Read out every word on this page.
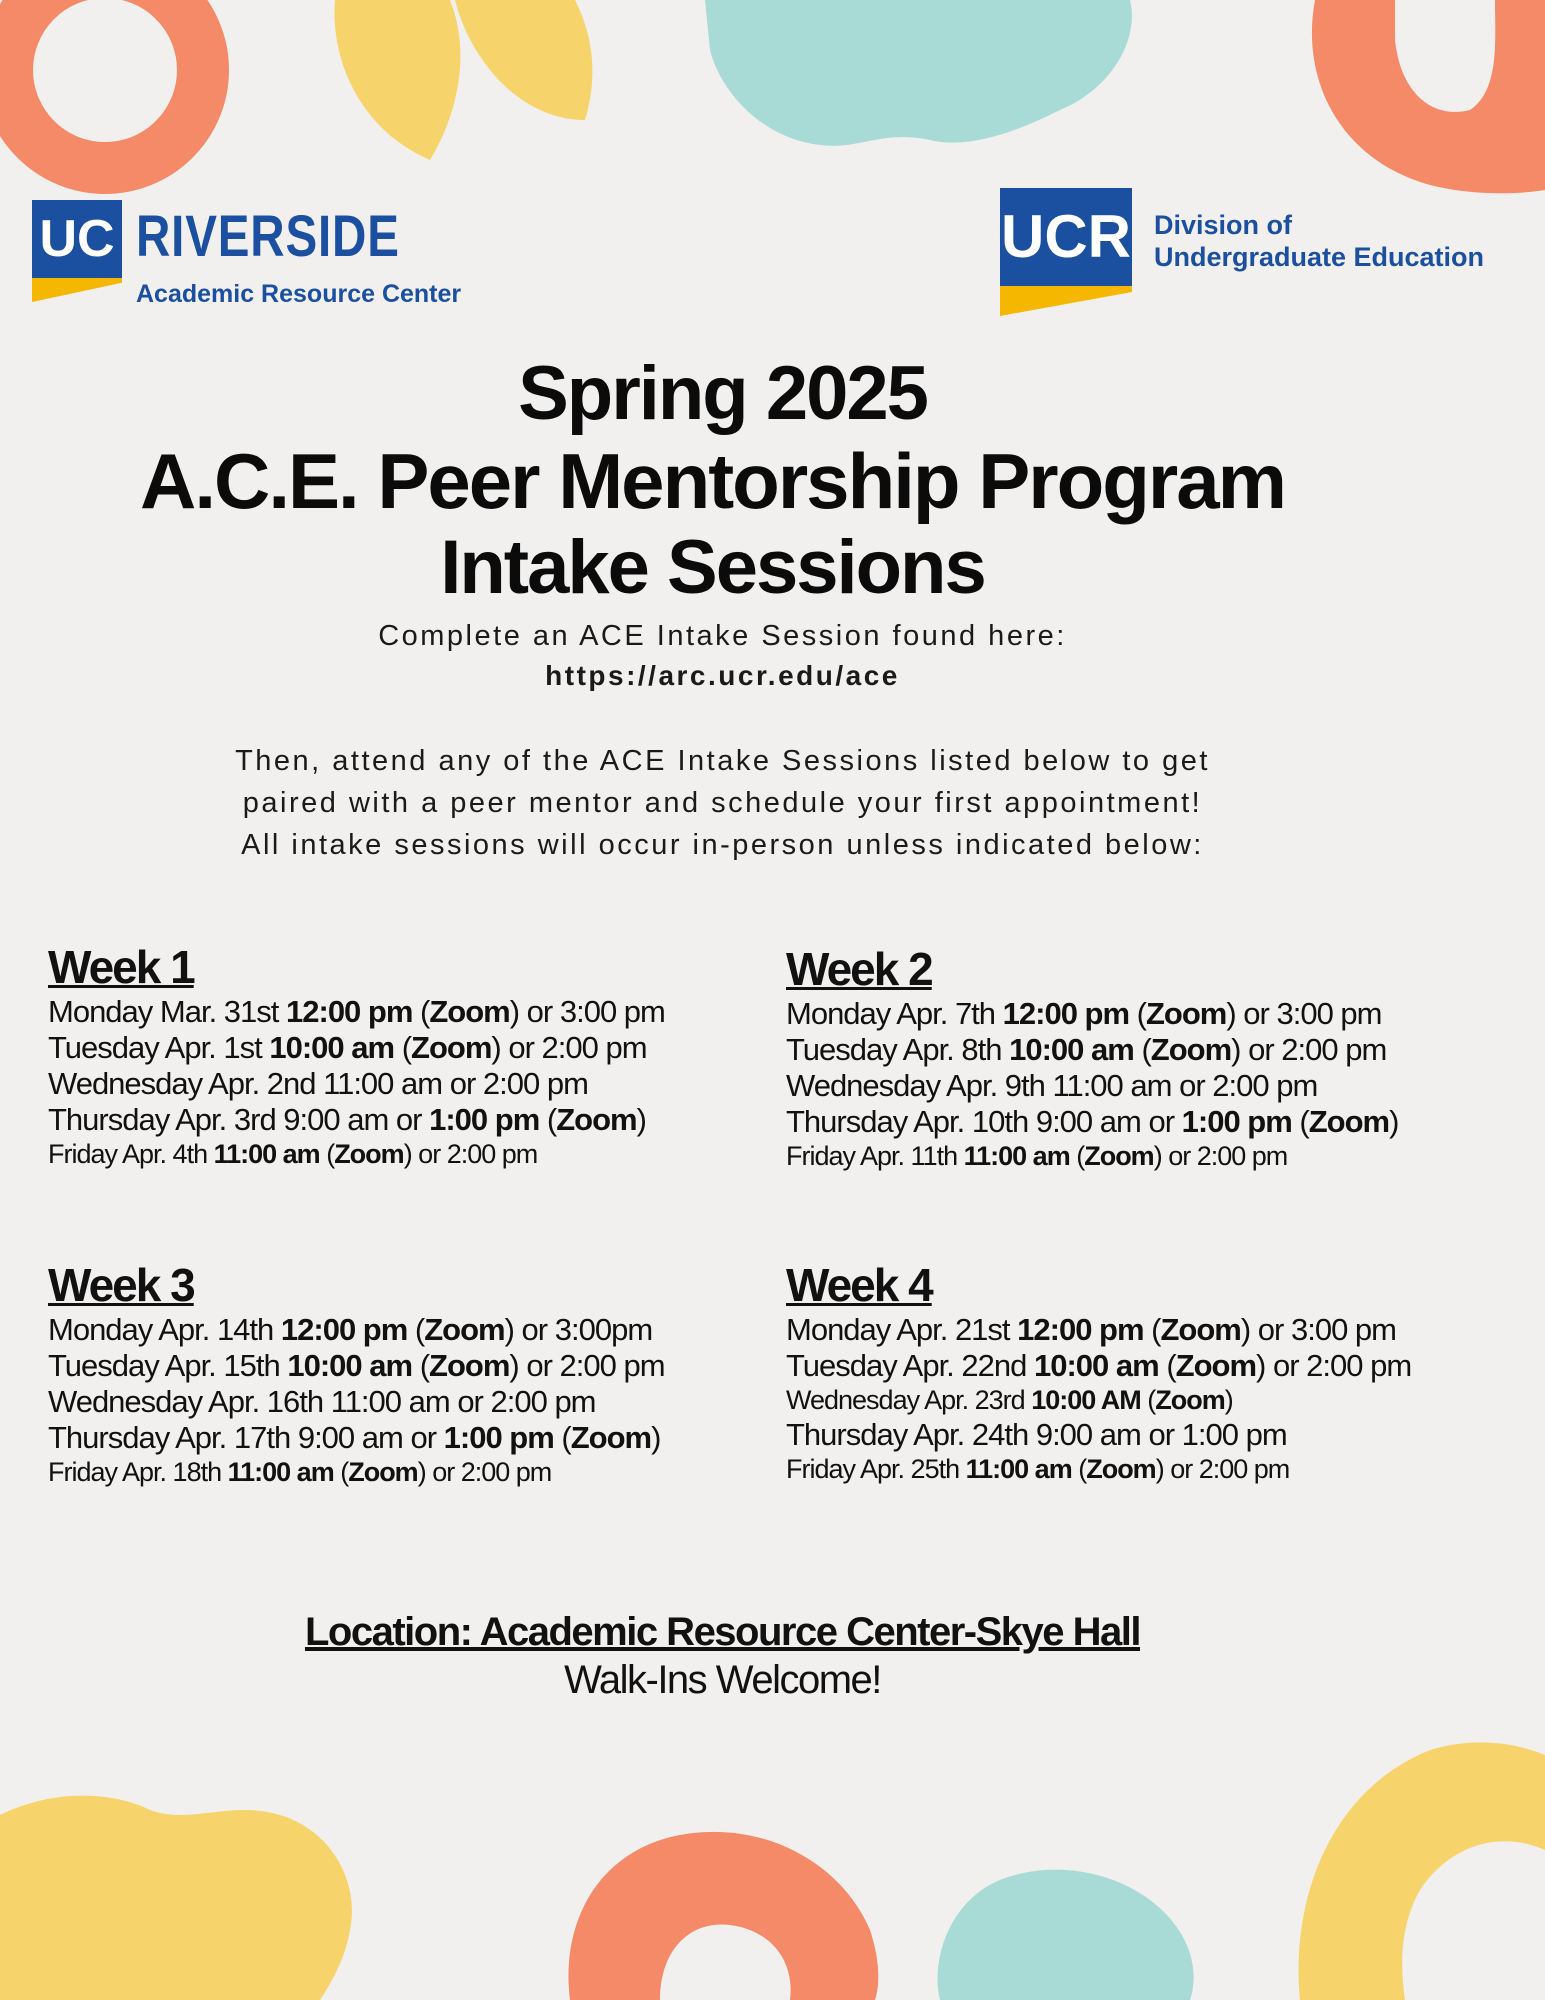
UC RIVERSIDE
Academic Resource Center
UCR Division of
Undergraduate Education
Spring 2025
A.C.E. Peer Mentorship Program
Intake Sessions
Complete an ACE Intake Session found here:
https://arc.ucr.edu/ace
Then, attend any of the ACE Intake Sessions listed below to get
paired with a peer mentor and schedule your first appointment!
All intake sessions will occur in-person unless indicated below:
Week 1
Monday Mar. 31st 12:00 pm (Zoom) or 3:00 pm
Tuesday Apr. 1st 10:00 am (Zoom) or 2:00 pm
Wednesday Apr. 2nd 11:00 am or 2:00 pm
Thursday Apr. 3rd 9:00 am or 1:00 pm (Zoom)
Friday Apr. 4th 11:00 am (Zoom) or 2:00 pm
Week 2
Monday Apr. 7th 12:00 pm (Zoom) or 3:00 pm
Tuesday Apr. 8th 10:00 am (Zoom) or 2:00 pm
Wednesday Apr. 9th 11:00 am or 2:00 pm
Thursday Apr. 10th 9:00 am or 1:00 pm (Zoom)
Friday Apr. 11th 11:00 am (Zoom) or 2:00 pm
Week 3
Monday Apr. 14th 12:00 pm (Zoom) or 3:00pm
Tuesday Apr. 15th 10:00 am (Zoom) or 2:00 pm
Wednesday Apr. 16th 11:00 am or 2:00 pm
Thursday Apr. 17th 9:00 am or 1:00 pm (Zoom)
Friday Apr. 18th 11:00 am (Zoom) or 2:00 pm
Week 4
Monday Apr. 21st 12:00 pm (Zoom) or 3:00 pm
Tuesday Apr. 22nd 10:00 am (Zoom) or 2:00 pm
Wednesday Apr. 23rd 10:00 AM (Zoom)
Thursday Apr. 24th 9:00 am or 1:00 pm
Friday Apr. 25th 11:00 am (Zoom) or 2:00 pm
Location: Academic Resource Center-Skye Hall
Walk-Ins Welcome!
